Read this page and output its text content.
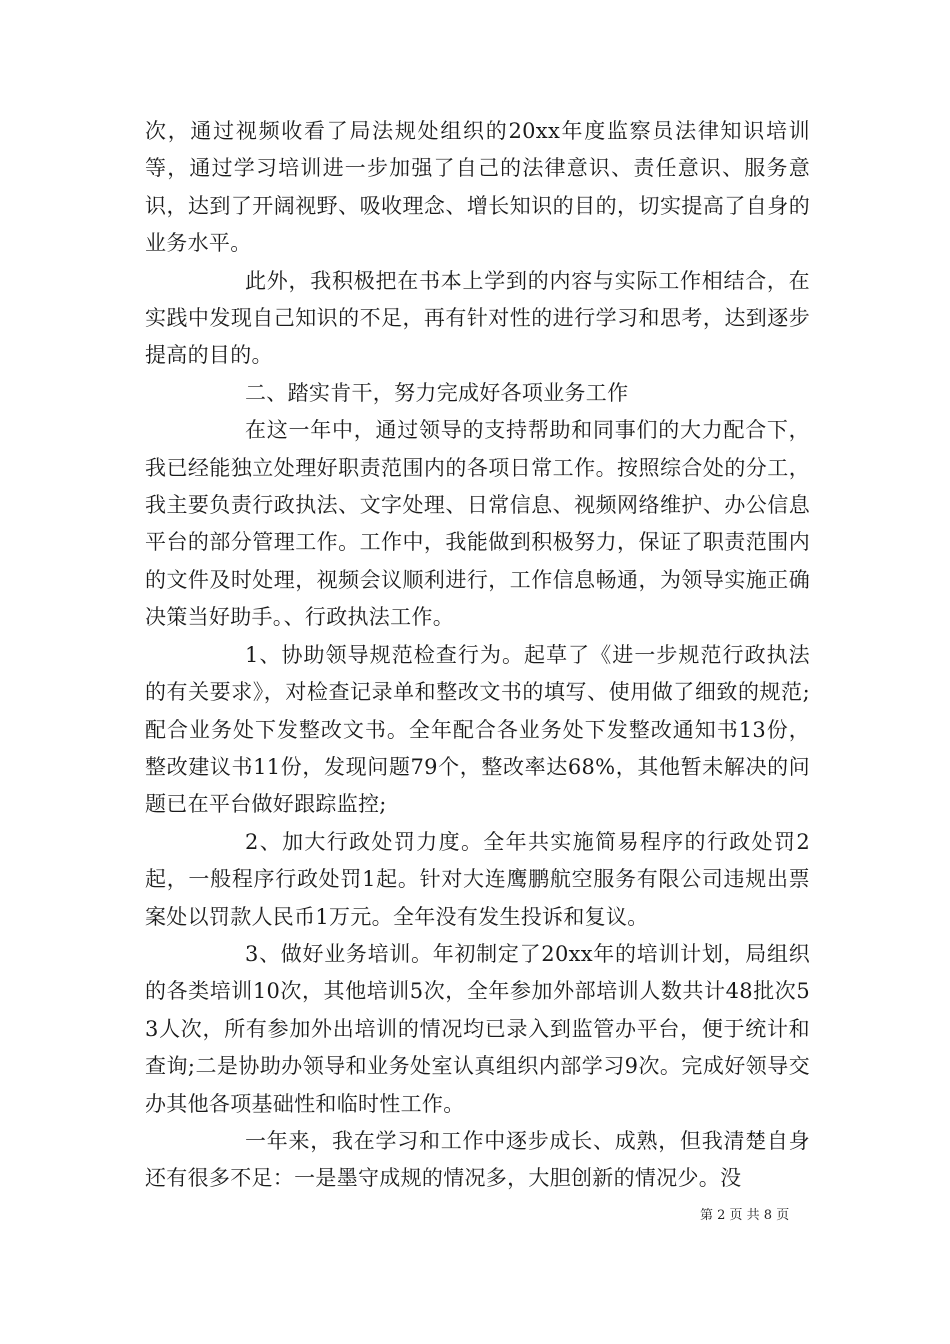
次，通过视频收看了局法规处组织的20xx年度监察员法律知识培训等，通过学习培训进一步加强了自己的法律意识、责任意识、服务意识，达到了开阔视野、吸收理念、增长知识的目的，切实提高了自身的业务水平。

此外，我积极把在书本上学到的内容与实际工作相结合，在实践中发现自己知识的不足，再有针对性的进行学习和思考，达到逐步提高的目的。

二、踏实肯干，努力完成好各项业务工作

在这一年中，通过领导的支持帮助和同事们的大力配合下，我已经能独立处理好职责范围内的各项日常工作。按照综合处的分工，我主要负责行政执法、文字处理、日常信息、视频网络维护、办公信息平台的部分管理工作。工作中，我能做到积极努力，保证了职责范围内的文件及时处理，视频会议顺利进行，工作信息畅通，为领导实施正确决策当好助手。、行政执法工作。

1、协助领导规范检查行为。起草了《进一步规范行政执法的有关要求》，对检查记录单和整改文书的填写、使用做了细致的规范;配合业务处下发整改文书。全年配合各业务处下发整改通知书13份，整改建议书11份，发现问题79个，整改率达68%，其他暂未解决的问题已在平台做好跟踪监控;

2、加大行政处罚力度。全年共实施简易程序的行政处罚2起，一般程序行政处罚1起。针对大连鹰鹏航空服务有限公司违规出票案处以罚款人民币1万元。全年没有发生投诉和复议。

3、做好业务培训。年初制定了20xx年的培训计划，局组织的各类培训10次，其他培训5次，全年参加外部培训人数共计48批次53人次，所有参加外出培训的情况均已录入到监管办平台，便于统计和查询;二是协助办领导和业务处室认真组织内部学习9次。完成好领导交办其他各项基础性和临时性工作。

一年来，我在学习和工作中逐步成长、成熟，但我清楚自身还有很多不足：一是墨守成规的情况多，大胆创新的情况少。没

第 2 页 共 8 页
